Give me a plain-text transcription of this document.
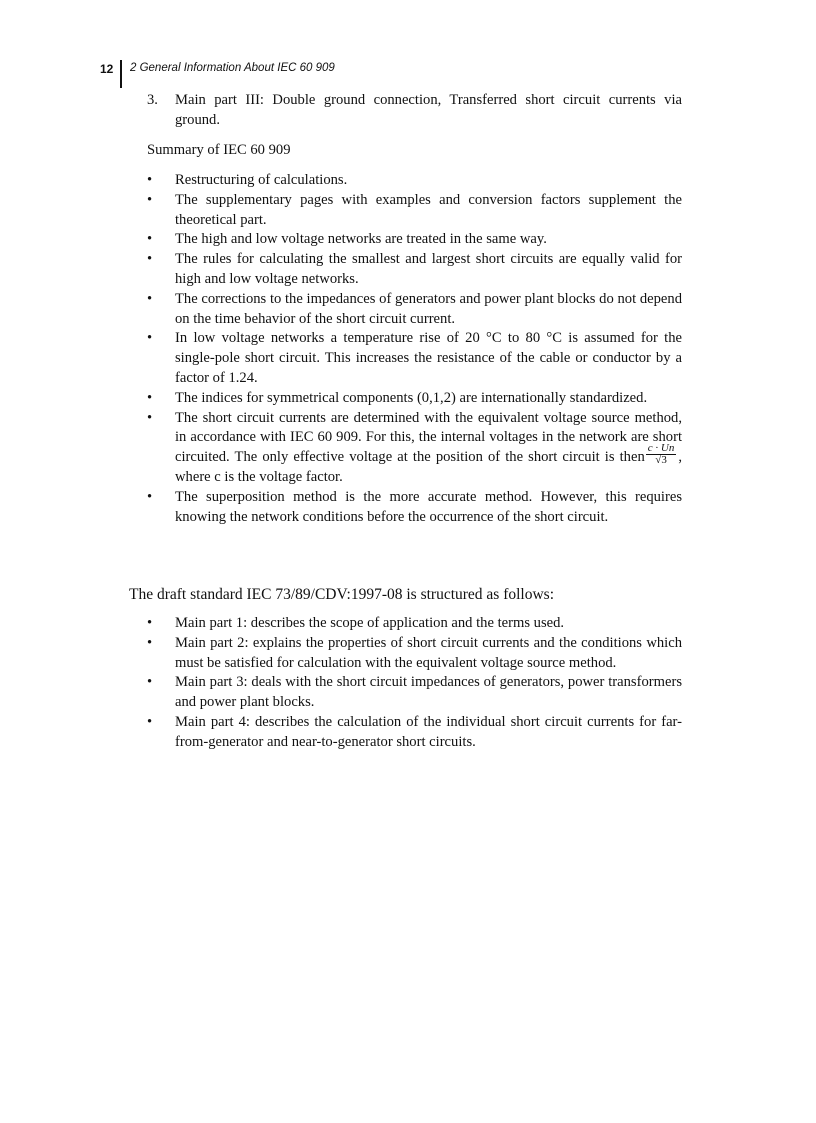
12 2 General Information About IEC 60 909
3. Main part III: Double ground connection, Transferred short circuit currents via ground.
Summary of IEC 60 909
• Restructuring of calculations.
• The supplementary pages with examples and conversion factors supplement the theoretical part.
• The high and low voltage networks are treated in the same way.
• The rules for calculating the smallest and largest short circuits are equally valid for high and low voltage networks.
• The corrections to the impedances of generators and power plant blocks do not depend on the time behavior of the short circuit current.
• In low voltage networks a temperature rise of 20 °C to 80 °C is assumed for the single-pole short circuit. This increases the resistance of the cable or conductor by a factor of 1.24.
• The indices for symmetrical components (0,1,2) are internationally standardized.
• The short circuit currents are determined with the equivalent voltage source method, in accordance with IEC 60 909. For this, the internal voltages in the network are short circuited. The only effective voltage at the position of the short circuit is then $\frac{c \cdot Un}{√3}$ , where c is the voltage factor.
• The superposition method is the more accurate method. However, this requires knowing the network conditions before the occurrence of the short circuit.
The draft standard IEC 73/89/CDV:1997-08 is structured as follows:
• Main part 1: describes the scope of application and the terms used.
• Main part 2: explains the properties of short circuit currents and the conditions which must be satisfied for calculation with the equivalent voltage source method.
• Main part 3: deals with the short circuit impedances of generators, power transformers and power plant blocks.
• Main part 4: describes the calculation of the individual short circuit currents for far-from-generator and near-to-generator short circuits.
